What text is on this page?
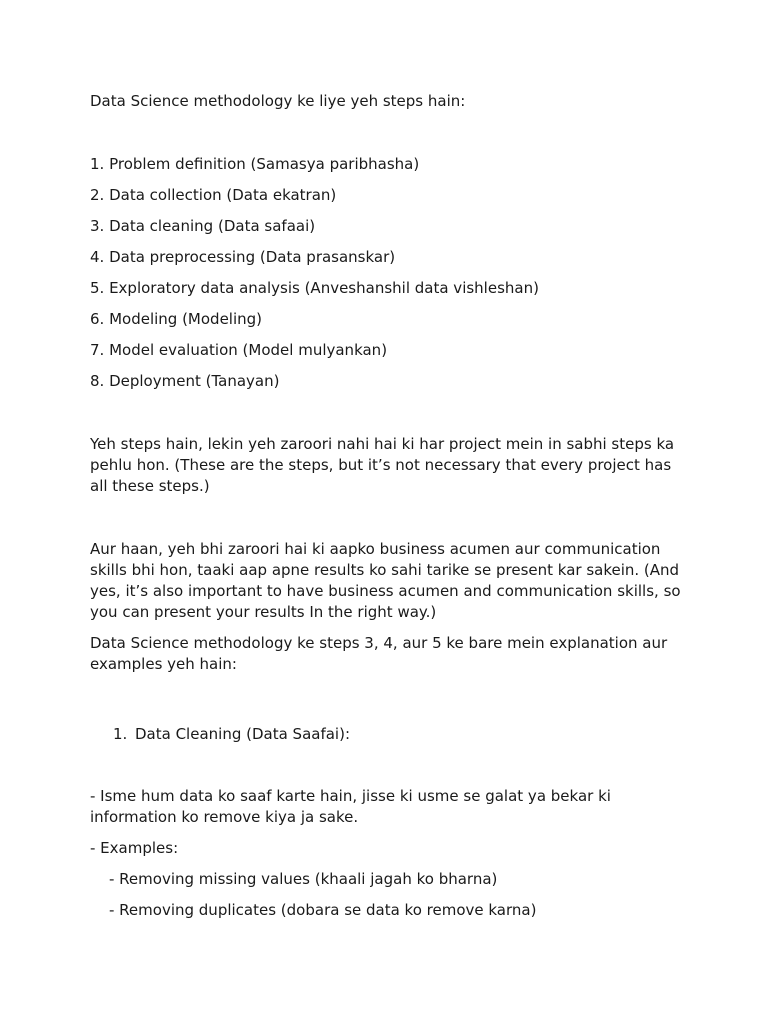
Data Science methodology ke liye yeh steps hain:

1. Problem definition (Samasya paribhasha)

2. Data collection (Data ekatran)

3. Data cleaning (Data safaai)

4. Data preprocessing (Data prasanskar)

5. Exploratory data analysis (Anveshanshil data vishleshan)

6. Modeling (Modeling)

7. Model evaluation (Model mulyankan)

8. Deployment (Tanayan)

Yeh steps hain, lekin yeh zaroori nahi hai ki har project mein in sabhi steps ka pehlu hon. (These are the steps, but it’s not necessary that every project has all these steps.)

Aur haan, yeh bhi zaroori hai ki aapko business acumen aur communication skills bhi hon, taaki aap apne results ko sahi tarike se present kar sakein. (And yes, it’s also important to have business acumen and communication skills, so you can present your results In the right way.)

Data Science methodology ke steps 3, 4, aur 5 ke bare mein explanation aur examples yeh hain:

1. Data Cleaning (Data Saafai):

- Isme hum data ko saaf karte hain, jisse ki usme se galat ya bekar ki information ko remove kiya ja sake.

- Examples:

- Removing missing values (khaali jagah ko bharna)

- Removing duplicates (dobara se data ko remove karna)
